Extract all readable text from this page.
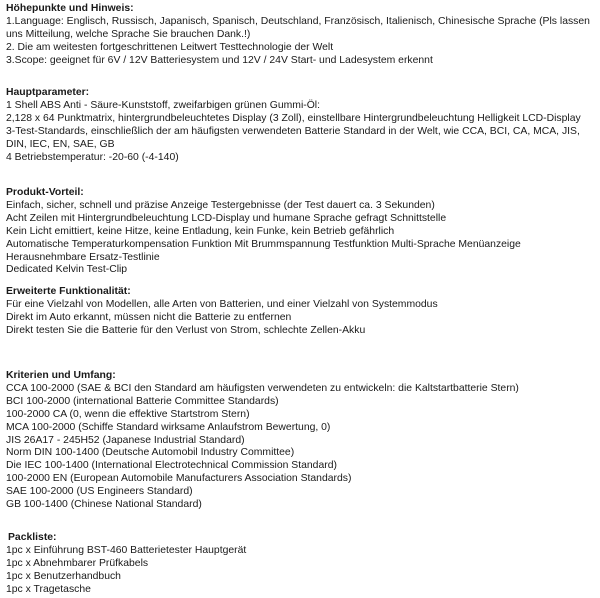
Höhepunkte und Hinweis:
1.Language: Englisch, Russisch, Japanisch, Spanisch, Deutschland, Französisch, Italienisch, Chinesische Sprache (Pls lassen uns Mitteilung, welche Sprache Sie brauchen Dank.!)
2. Die am weitesten fortgeschrittenen Leitwert Testtechnologie der Welt
3.Scope: geeignet für 6V / 12V Batteriesystem und 12V / 24V Start- und Ladesystem erkennt
Hauptparameter:
1 Shell ABS Anti - Säure-Kunststoff, zweifarbigen grünen Gummi-Öl:
2,128 x 64 Punktmatrix, hintergrundbeleuchtetes Display (3 Zoll), einstellbare Hintergrundbeleuchtung Helligkeit LCD-Display
3-Test-Standards, einschließlich der am häufigsten verwendeten Batterie Standard in der Welt, wie CCA, BCI, CA, MCA, JIS, DIN, IEC, EN, SAE, GB
4 Betriebstemperatur: -20-60 (-4-140)
Produkt-Vorteil:
Einfach, sicher, schnell und präzise Anzeige Testergebnisse (der Test dauert ca. 3 Sekunden)
Acht Zeilen mit Hintergrundbeleuchtung LCD-Display und humane Sprache gefragt Schnittstelle
Kein Licht emittiert, keine Hitze, keine Entladung, kein Funke, kein Betrieb gefährlich
Automatische Temperaturkompensation Funktion Mit Brummspannung Testfunktion Multi-Sprache Menüanzeige
Herausnehmbare Ersatz-Testlinie
Dedicated Kelvin Test-Clip
Erweiterte Funktionalität:
Für eine Vielzahl von Modellen, alle Arten von Batterien, und einer Vielzahl von Systemmodus
Direkt im Auto erkannt, müssen nicht die Batterie zu entfernen
Direkt testen Sie die Batterie für den Verlust von Strom, schlechte Zellen-Akku
Kriterien und Umfang:
CCA 100-2000 (SAE & BCI den Standard am häufigsten verwendeten zu entwickeln: die Kaltstartbatterie Stern)
BCI 100-2000 (international Batterie Committee Standards)
100-2000 CA (0, wenn die effektive Startstrom Stern)
MCA 100-2000 (Schiffe Standard wirksame Anlaufstrom Bewertung, 0)
JIS 26A17 - 245H52 (Japanese Industrial Standard)
Norm DIN 100-1400 (Deutsche Automobil Industry Committee)
Die IEC 100-1400 (International Electrotechnical Commission Standard)
100-2000 EN (European Automobile Manufacturers Association Standards)
SAE 100-2000 (US Engineers Standard)
GB 100-1400 (Chinese National Standard)
Packliste:
1pc x Einführung BST-460 Batterietester Hauptgerät
1pc x Abnehmbarer Prüfkabels
1pc x Benutzerhandbuch
1pc x Tragetasche
